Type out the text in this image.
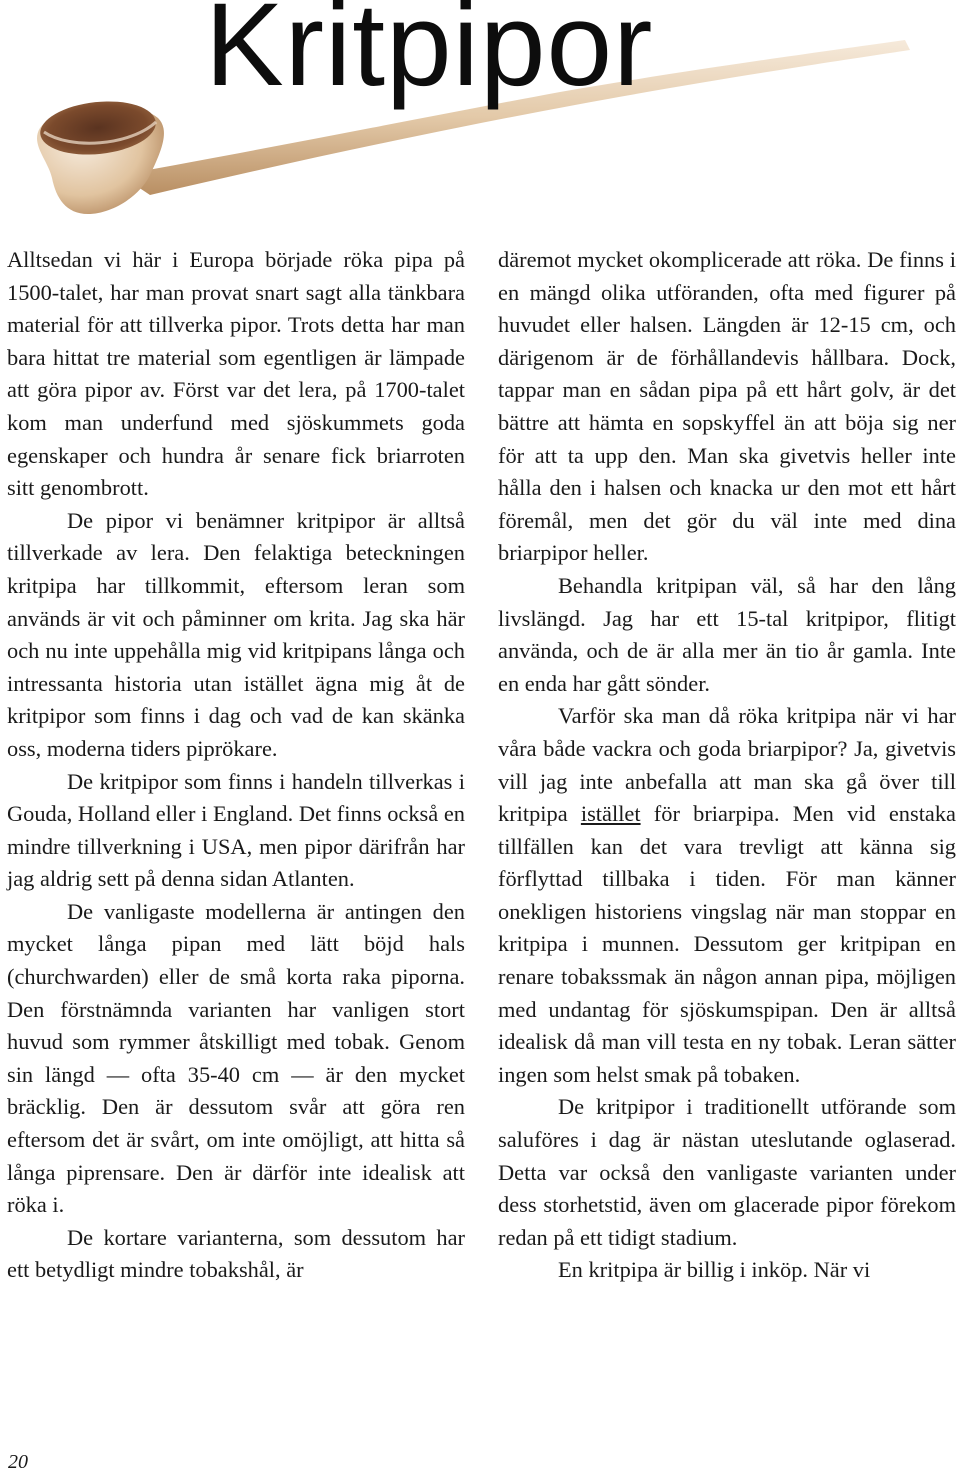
Kritpipor

Alltsedan vi här i Europa började röka pipa på 1500-talet, har man provat snart sagt alla tänkbara material för att tillverka pipor. Trots detta har man bara hittat tre material som egentligen är lämpade att göra pipor av. Först var det lera, på 1700-talet kom man underfund med sjöskummets goda egenskaper och hundra år senare fick briarroten sitt genombrott.

De pipor vi benämner kritpipor är alltså tillverkade av lera. Den felaktiga beteckningen kritpipa har tillkommit, eftersom leran som används är vit och påminner om krita. Jag ska här och nu inte uppehålla mig vid kritpipans långa och intressanta historia utan istället ägna mig åt de kritpipor som finns i dag och vad de kan skänka oss, moderna tiders piprökare.

De kritpipor som finns i handeln tillverkas i Gouda, Holland eller i England. Det finns också en mindre tillverkning i USA, men pipor därifrån har jag aldrig sett på denna sidan Atlanten.

De vanligaste modellerna är antingen den mycket långa pipan med lätt böjd hals (churchwarden) eller de små korta raka piporna. Den förstnämnda varianten har vanligen stort huvud som rymmer åtskilligt med tobak. Genom sin längd — ofta 35-40 cm — är den mycket bräcklig. Den är dessutom svår att göra ren eftersom det är svårt, om inte omöjligt, att hitta så långa piprensare. Den är därför inte idealisk att röka i.

De kortare varianterna, som dessutom har ett betydligt mindre tobakshål, är

däremot mycket okomplicerade att röka. De finns i en mängd olika utföranden, ofta med figurer på huvudet eller halsen. Längden är 12-15 cm, och därigenom är de förhållandevis hållbara. Dock, tappar man en sådan pipa på ett hårt golv, är det bättre att hämta en sopskyffel än att böja sig ner för att ta upp den. Man ska givetvis heller inte hålla den i halsen och knacka ur den mot ett hårt föremål, men det gör du väl inte med dina briarpipor heller.

Behandla kritpipan väl, så har den lång livslängd. Jag har ett 15-tal kritpipor, flitigt använda, och de är alla mer än tio år gamla. Inte en enda har gått sönder.

Varför ska man då röka kritpipa när vi har våra både vackra och goda briarpipor? Ja, givetvis vill jag inte anbefalla att man ska gå över till kritpipa istället för briarpipa. Men vid enstaka tillfällen kan det vara trevligt att känna sig förflyttad tillbaka i tiden. För man känner onekligen historiens vingslag när man stoppar en kritpipa i munnen. Dessutom ger kritpipan en renare tobakssmak än någon annan pipa, möjligen med undantag för sjöskumspipan. Den är alltså idealisk då man vill testa en ny tobak. Leran sätter ingen som helst smak på tobaken.

De kritpipor i traditionellt utförande som saluföres i dag är nästan uteslutande oglaserad. Detta var också den vanligaste varianten under dess storhetstid, även om glacerade pipor förekom redan på ett tidigt stadium.

En kritpipa är billig i inköp. När vi

20
